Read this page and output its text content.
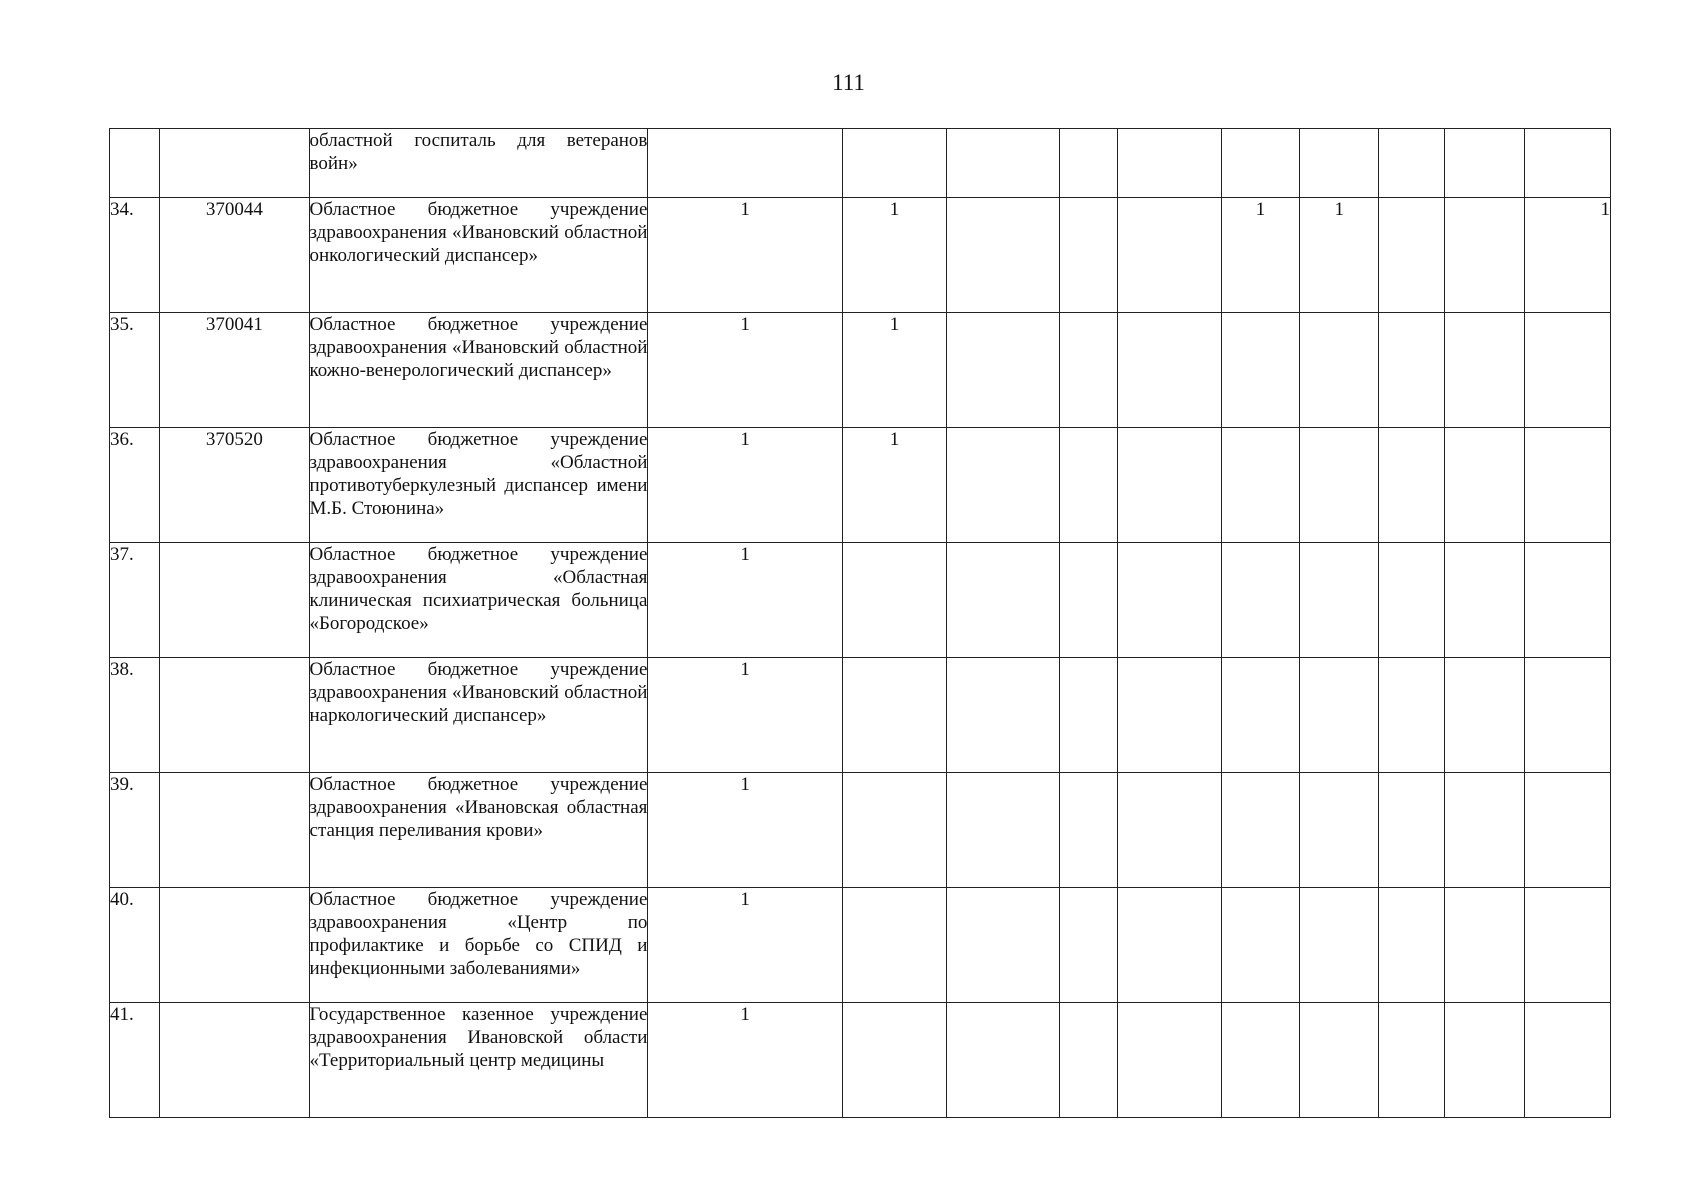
111
		областной госпиталь для ветеранов войн»										
34.	370044	Областное бюджетное учреждение здравоохранения «Ивановский областной онкологический диспансер»	1	1				1	1			1
35.	370041	Областное бюджетное учреждение здравоохранения «Ивановский областной кожно-венерологический диспансер»	1	1								
36.	370520	Областное бюджетное учреждение здравоохранения «Областной противотуберкулезный диспансер имени М.Б. Стоюнина»	1	1								
37.		Областное бюджетное учреждение здравоохранения «Областная клиническая психиатрическая больница «Богородское»	1									
38.		Областное бюджетное учреждение здравоохранения «Ивановский областной наркологический диспансер»	1									
39.		Областное бюджетное учреждение здравоохранения «Ивановская областная станция переливания крови»	1									
40.		Областное бюджетное учреждение здравоохранения «Центр по профилактике и борьбе со СПИД и инфекционными заболеваниями»	1									
41.		Государственное казенное учреждение здравоохранения Ивановской области «Территориальный центр медицины	1									
